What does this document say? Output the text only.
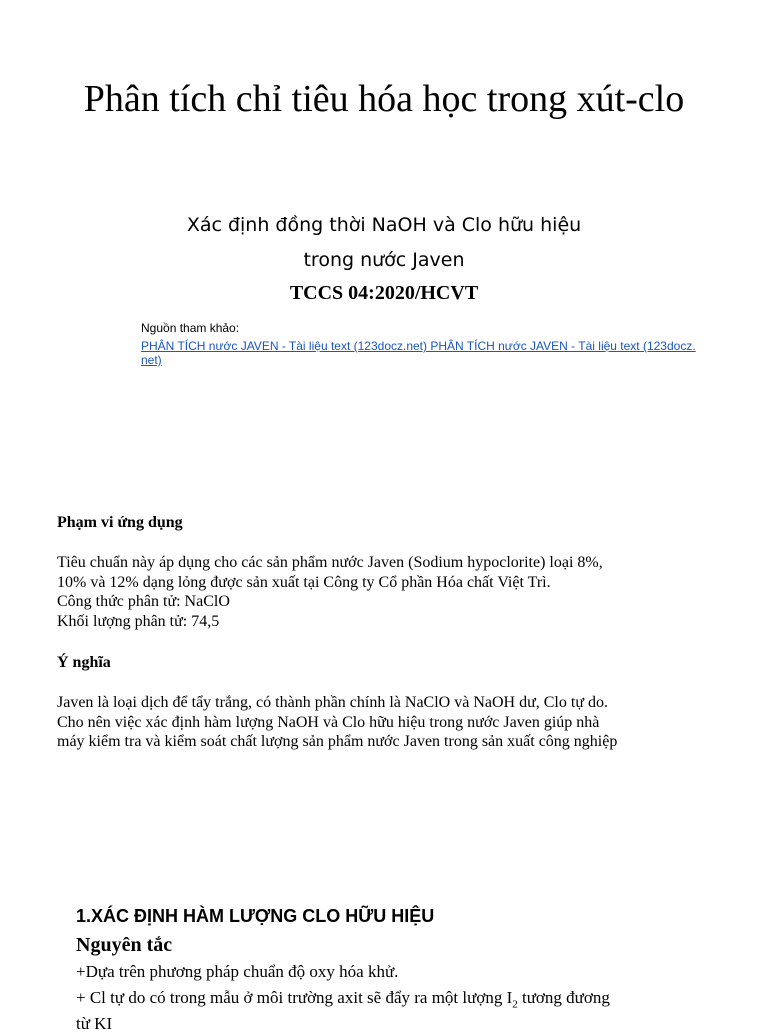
Phân tích chỉ tiêu hóa học trong xút-clo
Xác định đồng thời NaOH và Clo hữu hiệu
trong nước Javen
TCCS 04:2020/HCVT
Nguồn tham khảo:
PHÂN TÍCH nước JAVEN - Tài liệu text (123docz.net) PHÂN TÍCH nước JAVEN - Tài liệu text (123docz.net)
Phạm vi ứng dụng
Tiêu chuẩn này áp dụng cho các sản phẩm nước Javen (Sodium hypoclorite) loại 8%,
10% và 12% dạng lỏng được sản xuất tại Công ty Cổ phần Hóa chất Việt Trì.
Công thức phân tử: NaClO
Khối lượng phân tử: 74,5
Ý nghĩa
Javen là loại dịch để tẩy trắng, có thành phần chính là NaClO và NaOH dư, Clo tự do.
Cho nên việc xác định hàm lượng NaOH và Clo hữu hiệu trong nước Javen giúp nhà
máy kiểm tra và kiểm soát chất lượng sản phẩm nước Javen trong sản xuất công nghiệp
1.XÁC ĐỊNH HÀM LƯỢNG CLO HỮU HIỆU
Nguyên tắc
+Dựa trên phương pháp chuẩn độ oxy hóa khử.
+ Cl tự do có trong mẫu ở môi trường axit sẽ đẩy ra một lượng $I_2$ tương đương
từ KI
